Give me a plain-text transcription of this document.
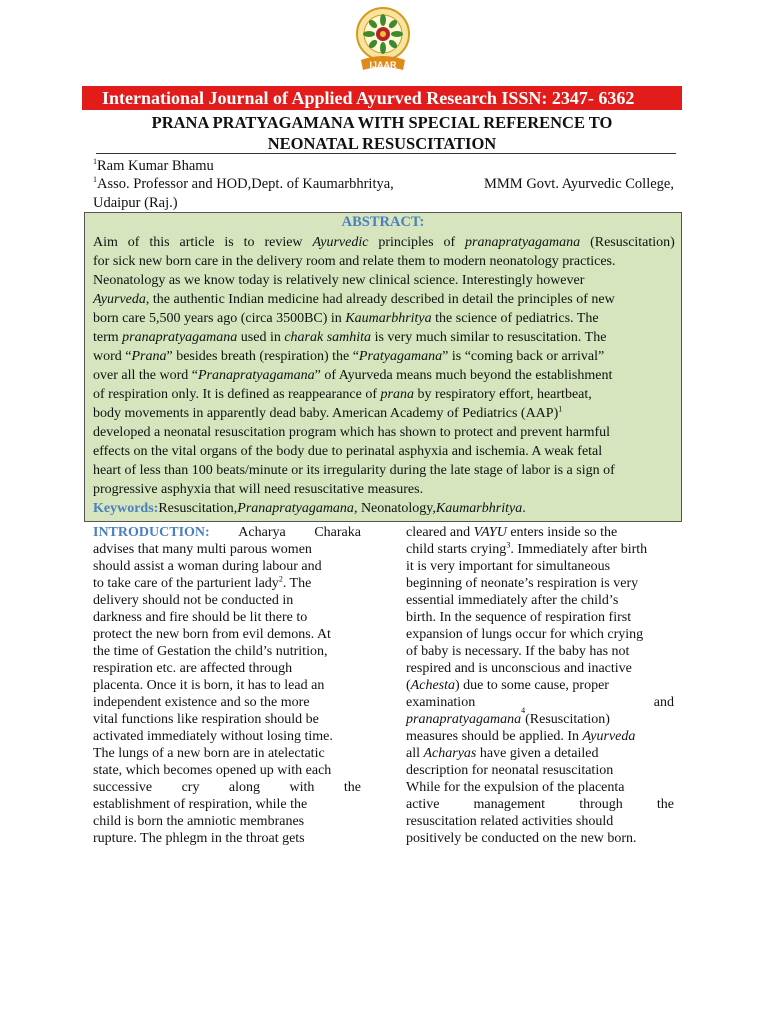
IJAAR
International Journal of Applied Ayurved Research ISSN: 2347- 6362
PRANA PRATYAGAMANA WITH SPECIAL REFERENCE TO
NEONATAL RESUSCITATION
$^1$Ram Kumar Bhamu
$^1$Asso. Professor and HOD,Dept. of Kaumarbhritya,	MMM Govt. Ayurvedic College,
Udaipur (Raj.)
ABSTRACT:
Aim of this article is to review Ayurvedic principles of pranapratyagamana (Resuscitation)
for sick new born care in the delivery room and relate them to modern neonatology practices.
Neonatology as we know today is relatively new clinical science. Interestingly however
Ayurveda, the authentic Indian medicine had already described in detail the principles of new
born care 5,500 years ago (circa 3500BC) in Kaumarbhritya the science of pediatrics. The
term pranapratyagamana used in charak samhita is very much similar to resuscitation. The
word “Prana” besides breath (respiration) the “Pratyagamana” is “coming back or arrival”
over all the word “Pranapratyagamana” of Ayurveda means much beyond the establishment
of respiration only. It is defined as reappearance of prana by respiratory effort, heartbeat,
body movements in apparently dead baby. American Academy of Pediatrics (AAP)$^1$
developed a neonatal resuscitation program which has shown to protect and prevent harmful
effects on the vital organs of the body due to perinatal asphyxia and ischemia. A weak fetal
heart of less than 100 beats/minute or its irregularity during the late stage of labor is a sign of
progressive asphyxia that will need resuscitative measures.
Keywords: Resuscitation, Pranapratyagamana , Neonatology, Kaumarbhritya .
INTRODUCTION: Acharya Charaka
advises that many multi parous women
should assist a woman during labour and
to take care of the parturient lady$^2$. The
delivery should not be conducted in
darkness and fire should be lit there to
protect the new born from evil demons. At
the time of Gestation the child’s nutrition,
respiration etc. are affected through
placenta. Once it is born, it has to lead an
independent existence and so the more
vital functions like respiration should be
activated immediately without losing time.
The lungs of a new born are in atelectatic
state, which becomes opened up with each
successive cry along with the
establishment of respiration, while the
child is born the amniotic membranes
rupture. The phlegm in the throat gets
cleared and VAYU enters inside so the
child starts crying$^3$. Immediately after birth
it is very important for simultaneous
beginning of neonate’s respiration is very
essential immediately after the child’s
birth. In the sequence of respiration first
expansion of lungs occur for which crying
of baby is necessary. If the baby has not
respired and is unconscious and inactive
(Achesta) due to some cause, proper
examination	and
pranapratyagamana
4
(Resuscitation)
measures should be applied. In Ayurveda
all Acharyas have given a detailed
description for neonatal resuscitation
While for the expulsion of the placenta
active management through the
resuscitation related activities should
positively be conducted on the new born.
